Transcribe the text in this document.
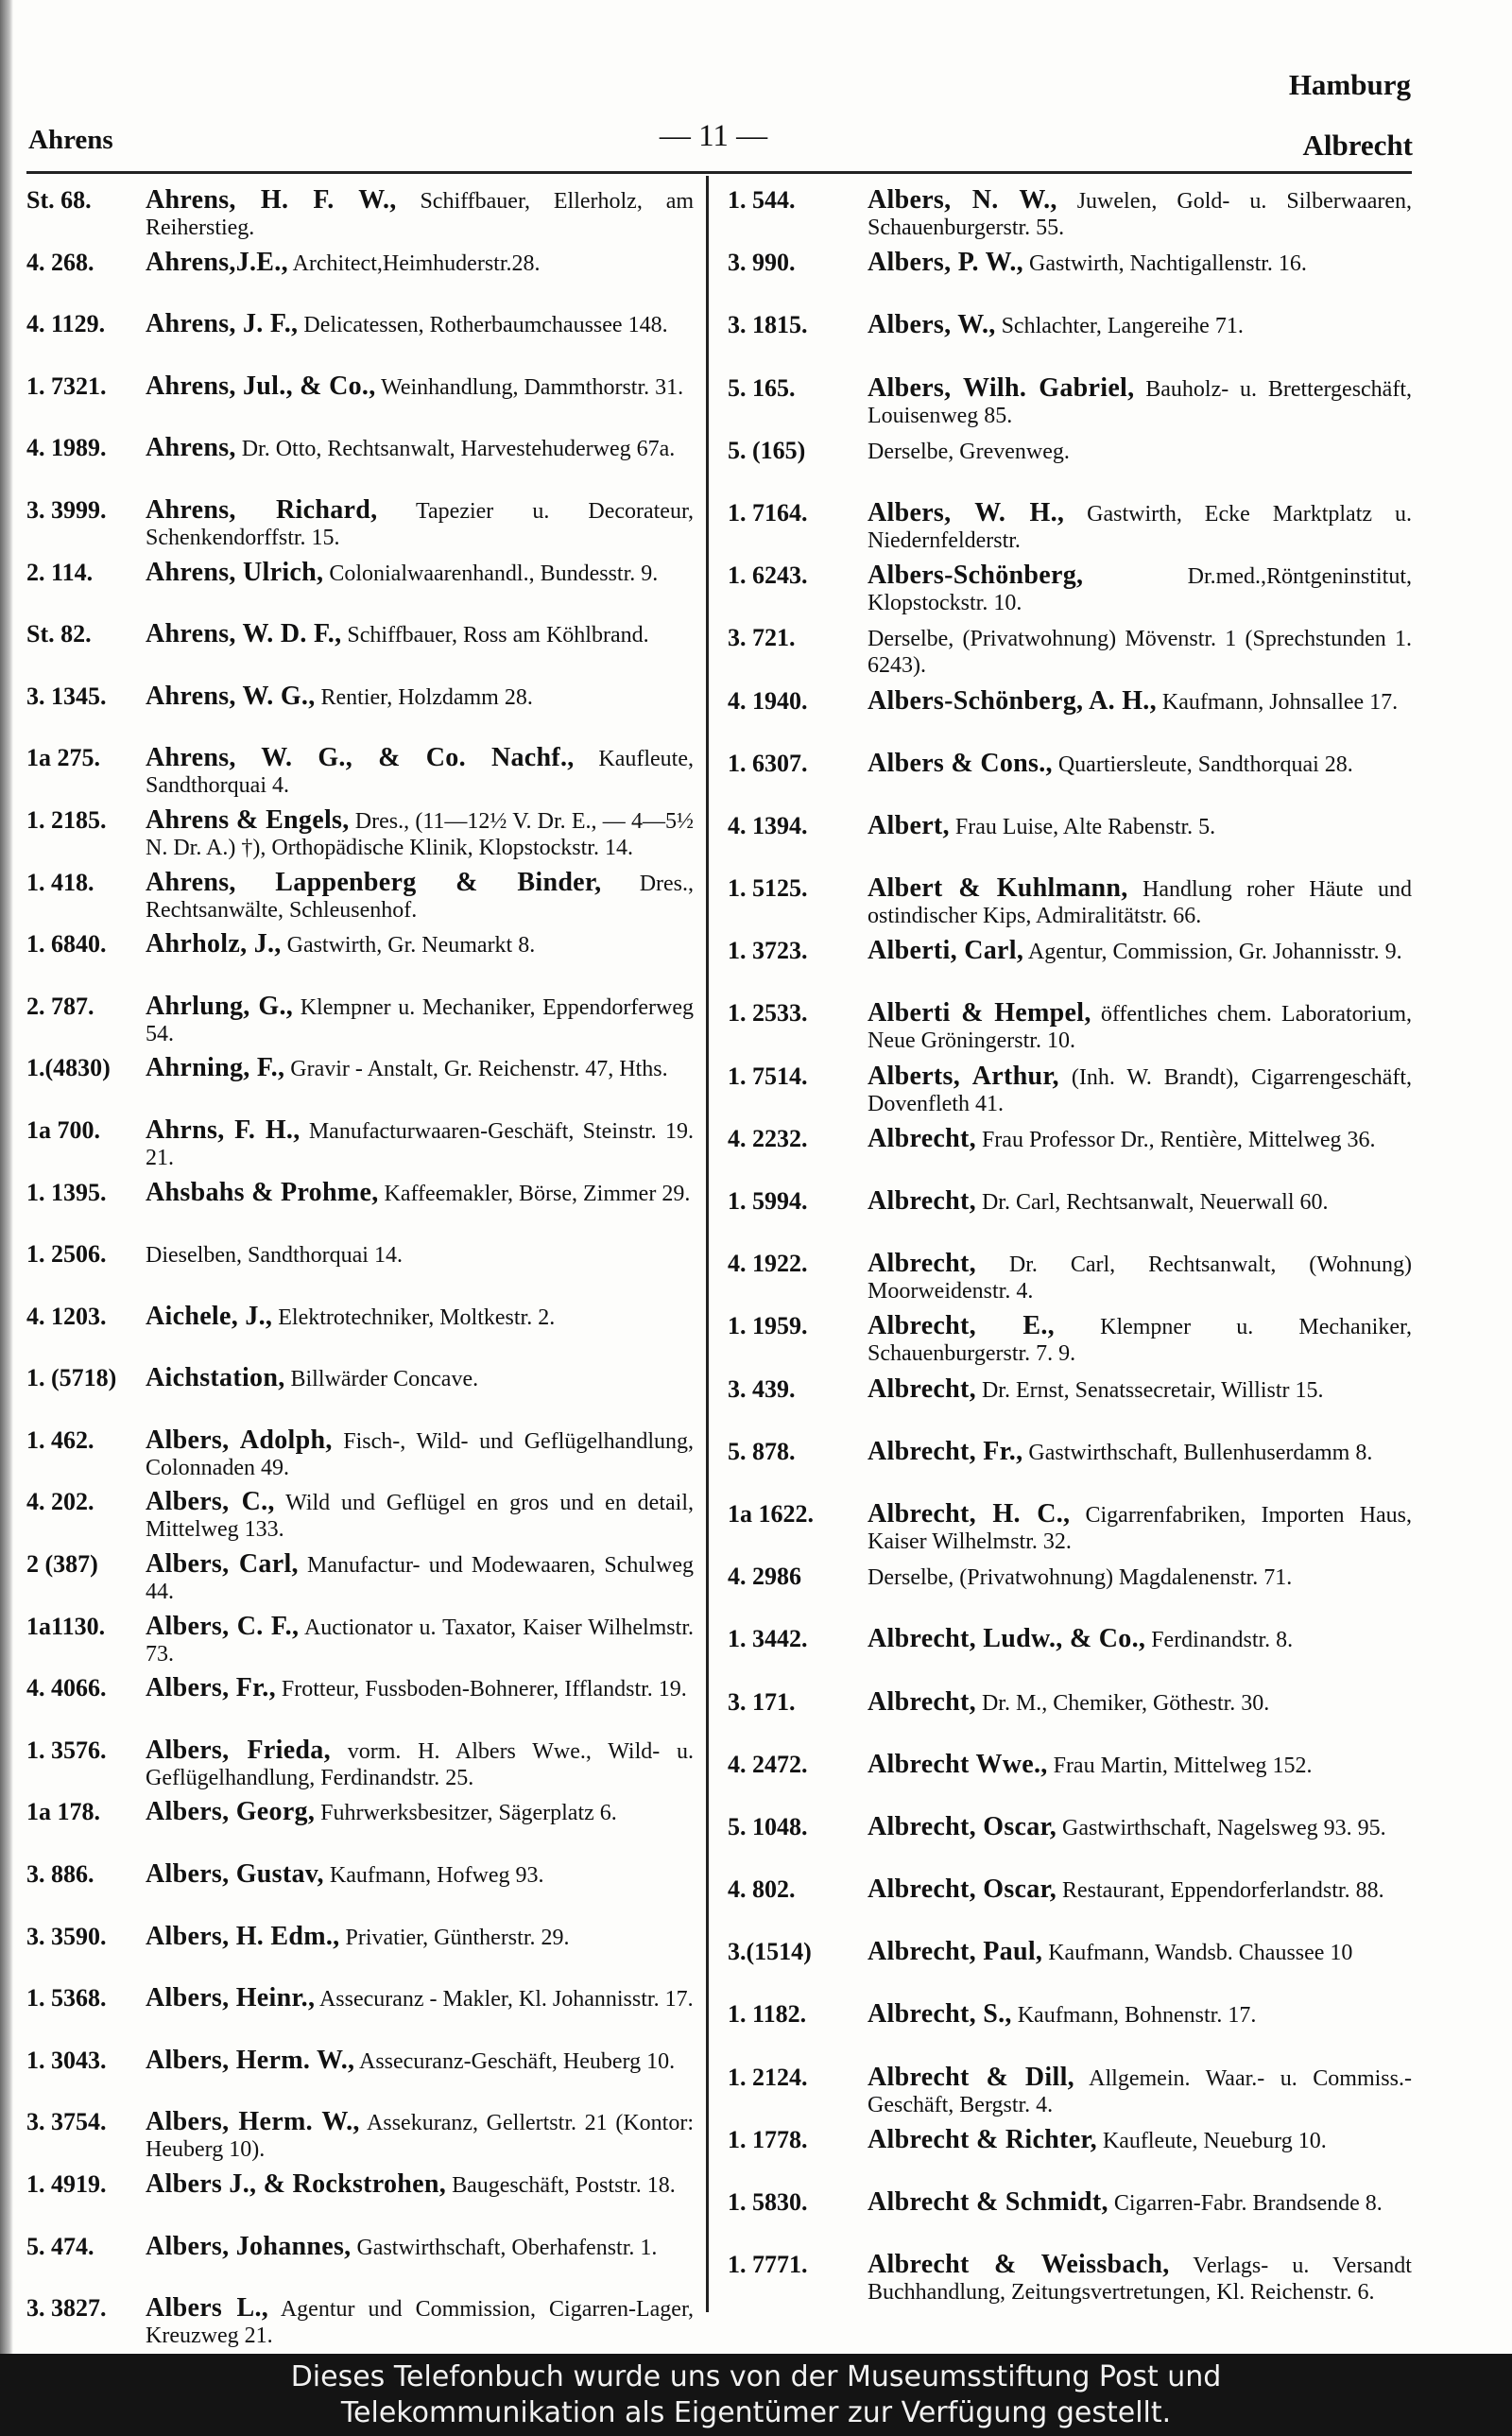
Hamburg
Ahrens	— 11 —	Albrecht
St. 68.	Ahrens, H. F. W., Schiffbauer, Ellerholz, am Reiherstieg.
4. 268.	Ahrens,J.E., Architect,Heimhuderstr.28.
4. 1129.	Ahrens, J. F., Delicatessen, Rotherbaumchaussee 148.
1. 7321.	Ahrens, Jul., & Co., Weinhandlung, Dammthorstr. 31.
4. 1989.	Ahrens, Dr. Otto, Rechtsanwalt, Harvestehuderweg 67a.
3. 3999.	Ahrens, Richard, Tapezier u. Decorateur, Schenkendorffstr. 15.
2. 114.	Ahrens, Ulrich, Colonialwaarenhandl., Bundesstr. 9.
St. 82.	Ahrens, W. D. F., Schiffbauer, Ross am Köhlbrand.
3. 1345.	Ahrens, W. G., Rentier, Holzdamm 28.
1a 275.	Ahrens, W. G., & Co. Nachf., Kaufleute, Sandthorquai 4.
1. 2185.	Ahrens & Engels, Dres., (11—12½ V. Dr. E., — 4—5½ N. Dr. A.) †), Orthopädische Klinik, Klopstockstr. 14.
1. 418.	Ahrens, Lappenberg & Binder, Dres., Rechtsanwälte, Schleusenhof.
1. 6840.	Ahrholz, J., Gastwirth, Gr. Neumarkt 8.
2. 787.	Ahrlung, G., Klempner u. Mechaniker, Eppendorferweg 54.
1.(4830)	Ahrning, F., Gravir - Anstalt, Gr. Reichenstr. 47, Hths.
1a 700.	Ahrns, F. H., Manufacturwaaren-Geschäft, Steinstr. 19. 21.
1. 1395.	Ahsbahs & Prohme, Kaffeemakler, Börse, Zimmer 29.
1. 2506.	Dieselben, Sandthorquai 14.
4. 1203.	Aichele, J., Elektrotechniker, Moltkestr. 2.
1. (5718)	Aichstation, Billwärder Concave.
1. 462.	Albers, Adolph, Fisch-, Wild- und Geflügelhandlung, Colonnaden 49.
4. 202.	Albers, C., Wild und Geflügel en gros und en detail, Mittelweg 133.
2 (387)	Albers, Carl, Manufactur- und Modewaaren, Schulweg 44.
1a1130.	Albers, C. F., Auctionator u. Taxator, Kaiser Wilhelmstr. 73.
4. 4066.	Albers, Fr., Frotteur, Fussboden-Bohnerer, Ifflandstr. 19.
1. 3576.	Albers, Frieda, vorm. H. Albers Wwe., Wild- u. Geflügelhandlung, Ferdinandstr. 25.
1a 178.	Albers, Georg, Fuhrwerksbesitzer, Sägerplatz 6.
3. 886.	Albers, Gustav, Kaufmann, Hofweg 93.
3. 3590.	Albers, H. Edm., Privatier, Güntherstr. 29.
1. 5368.	Albers, Heinr., Assecuranz - Makler, Kl. Johannisstr. 17.
1. 3043.	Albers, Herm. W., Assecuranz-Geschäft, Heuberg 10.
3. 3754.	Albers, Herm. W., Assekuranz, Gellertstr. 21 (Kontor: Heuberg 10).
1. 4919.	Albers J., & Rockstrohen, Baugeschäft, Poststr. 18.
5. 474.	Albers, Johannes, Gastwirthschaft, Oberhafenstr. 1.
3. 3827.	Albers L., Agentur und Commission, Cigarren-Lager, Kreuzweg 21.
1. 544.	Albers, N. W., Juwelen, Gold- u. Silberwaaren, Schauenburgerstr. 55.
3. 990.	Albers, P. W., Gastwirth, Nachtigallenstr. 16.
3. 1815.	Albers, W., Schlachter, Langereihe 71.
5. 165.	Albers, Wilh. Gabriel, Bauholz- u. Brettergeschäft, Louisenweg 85.
5. (165)	Derselbe, Grevenweg.
1. 7164.	Albers, W. H., Gastwirth, Ecke Marktplatz u. Niedernfelderstr.
1. 6243.	Albers-Schönberg,	Dr.med.,Röntgeninstitut, Klopstockstr. 10.
3. 721.	Derselbe, (Privatwohnung) Mövenstr. 1 (Sprechstunden 1. 6243).
4. 1940.	Albers-Schönberg, A. H., Kaufmann, Johnsallee 17.
1. 6307.	Albers & Cons., Quartiersleute, Sandthorquai 28.
4. 1394.	Albert, Frau Luise, Alte Rabenstr. 5.
1. 5125.	Albert & Kuhlmann, Handlung roher Häute und ostindischer Kips, Admiralitätstr. 66.
1. 3723.	Alberti, Carl, Agentur, Commission, Gr. Johannisstr. 9.
1. 2533.	Alberti & Hempel, öffentliches chem. Laboratorium, Neue Gröningerstr. 10.
1. 7514.	Alberts, Arthur, (Inh. W. Brandt), Cigarrengeschäft, Dovenfleth 41.
4. 2232.	Albrecht, Frau Professor Dr., Rentière, Mittelweg 36.
1. 5994.	Albrecht, Dr. Carl, Rechtsanwalt, Neuerwall 60.
4. 1922.	Albrecht, Dr. Carl, Rechtsanwalt, (Wohnung) Moorweidenstr. 4.
1. 1959.	Albrecht, E., Klempner u. Mechaniker, Schauenburgerstr. 7. 9.
3. 439.	Albrecht, Dr. Ernst, Senatssecretair, Willistr 15.
5. 878.	Albrecht, Fr., Gastwirthschaft, Bullenhuserdamm 8.
1a 1622.	Albrecht, H. C., Cigarrenfabriken, Importen Haus, Kaiser Wilhelmstr. 32.
4. 2986	Derselbe, (Privatwohnung) Magdalenenstr. 71.
1. 3442.	Albrecht, Ludw., & Co., Ferdinandstr. 8.
3. 171.	Albrecht, Dr. M., Chemiker, Göthestr. 30.
4. 2472.	Albrecht Wwe., Frau Martin, Mittelweg 152.
5. 1048.	Albrecht, Oscar, Gastwirthschaft, Nagelsweg 93. 95.
4. 802.	Albrecht, Oscar, Restaurant, Eppendorferlandstr. 88.
3.(1514)	Albrecht, Paul, Kaufmann, Wandsb. Chaussee 10
1. 1182.	Albrecht, S., Kaufmann, Bohnenstr. 17.
1. 2124.	Albrecht & Dill, Allgemein. Waar.- u. Commiss.-Geschäft, Bergstr. 4.
1. 1778.	Albrecht & Richter, Kaufleute, Neueburg 10.
1. 5830.	Albrecht & Schmidt, Cigarren-Fabr. Brandsende 8.
1. 7771.	Albrecht & Weissbach, Verlags- u. Versandt Buchhandlung, Zeitungsvertretungen, Kl. Reichenstr. 6.
Dieses Telefonbuch wurde uns von der Museumsstiftung Post und
Telekommunikation als Eigentümer zur Verfügung gestellt.
